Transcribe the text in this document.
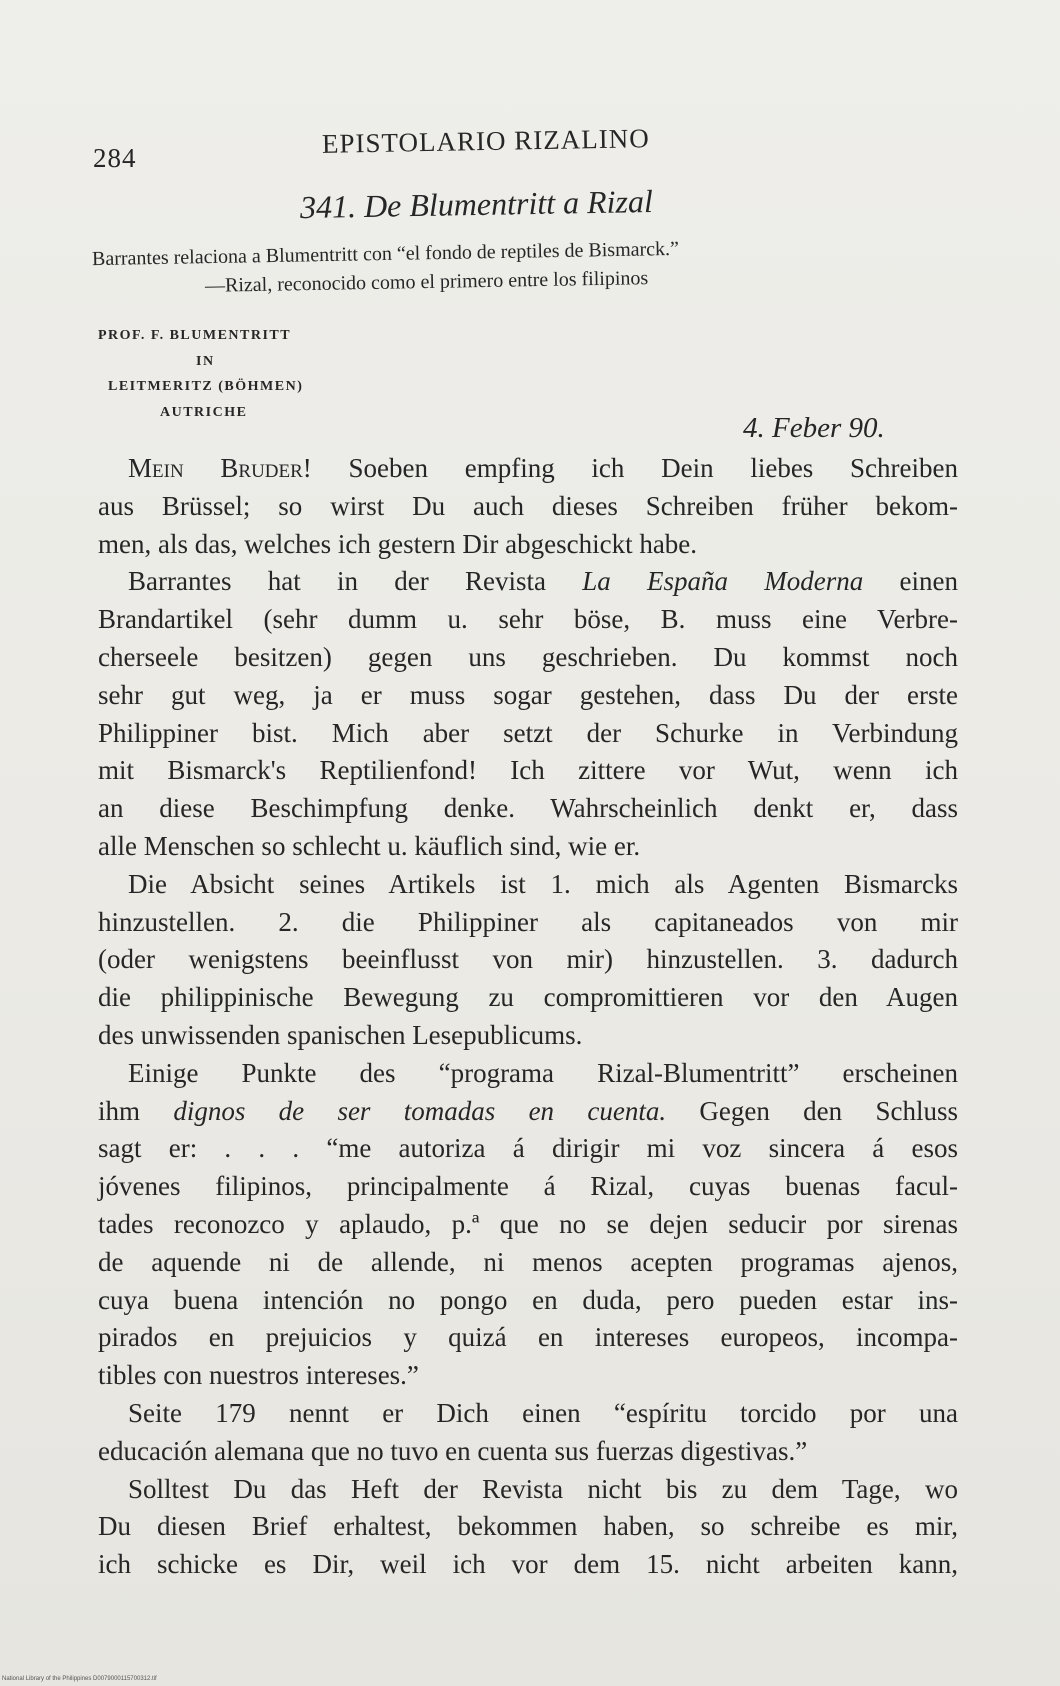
284	EPISTOLARIO RIZALINO
341. De Blumentritt a Rizal
Barrantes relaciona a Blumentritt con “el fondo de reptiles de Bismarck.”
—Rizal, reconocido como el primero entre los filipinos
PROF. F. BLUMENTRITT
IN
LEITMERITZ (BÖHMEN)
AUTRICHE	4. Feber 90.
Mein Bruder! Soeben empfing ich Dein liebes Schreiben
aus Brüssel; so wirst Du auch dieses Schreiben früher bekom-
men, als das, welches ich gestern Dir abgeschickt habe.
Barrantes hat in der Revista La España Moderna einen
Brandartikel (sehr dumm u. sehr böse, B. muss eine Verbre-
cherseele besitzen) gegen uns geschrieben. Du kommst noch
sehr gut weg, ja er muss sogar gestehen, dass Du der erste
Philippiner bist. Mich aber setzt der Schurke in Verbindung
mit Bismarck's Reptilienfond! Ich zittere vor Wut, wenn ich
an diese Beschimpfung denke. Wahrscheinlich denkt er, dass
alle Menschen so schlecht u. käuflich sind, wie er.
Die Absicht seines Artikels ist 1. mich als Agenten Bismarcks
hinzustellen. 2. die Philippiner als capitaneados von mir
(oder wenigstens beeinflusst von mir) hinzustellen. 3. dadurch
die philippinische Bewegung zu compromittieren vor den Augen
des unwissenden spanischen Lesepublicums.
Einige Punkte des “programa Rizal-Blumentritt” erscheinen
ihm dignos de ser tomadas en cuenta. Gegen den Schluss
sagt er: . . . “me autoriza á dirigir mi voz sincera á esos
jóvenes filipinos, principalmente á Rizal, cuyas buenas facul-
tades reconozco y aplaudo, p.ª que no se dejen seducir por sirenas
de aquende ni de allende, ni menos acepten programas ajenos,
cuya buena intención no pongo en duda, pero pueden estar ins-
pirados en prejuicios y quizá en intereses europeos, incompa-
tibles con nuestros intereses.”
Seite 179 nennt er Dich einen “espíritu torcido por una
educación alemana que no tuvo en cuenta sus fuerzas digestivas.”
Solltest Du das Heft der Revista nicht bis zu dem Tage, wo
Du diesen Brief erhaltest, bekommen haben, so schreibe es mir,
ich schicke es Dir, weil ich vor dem 15. nicht arbeiten kann,
National Library of the Philippines D0079000115700312.tif
